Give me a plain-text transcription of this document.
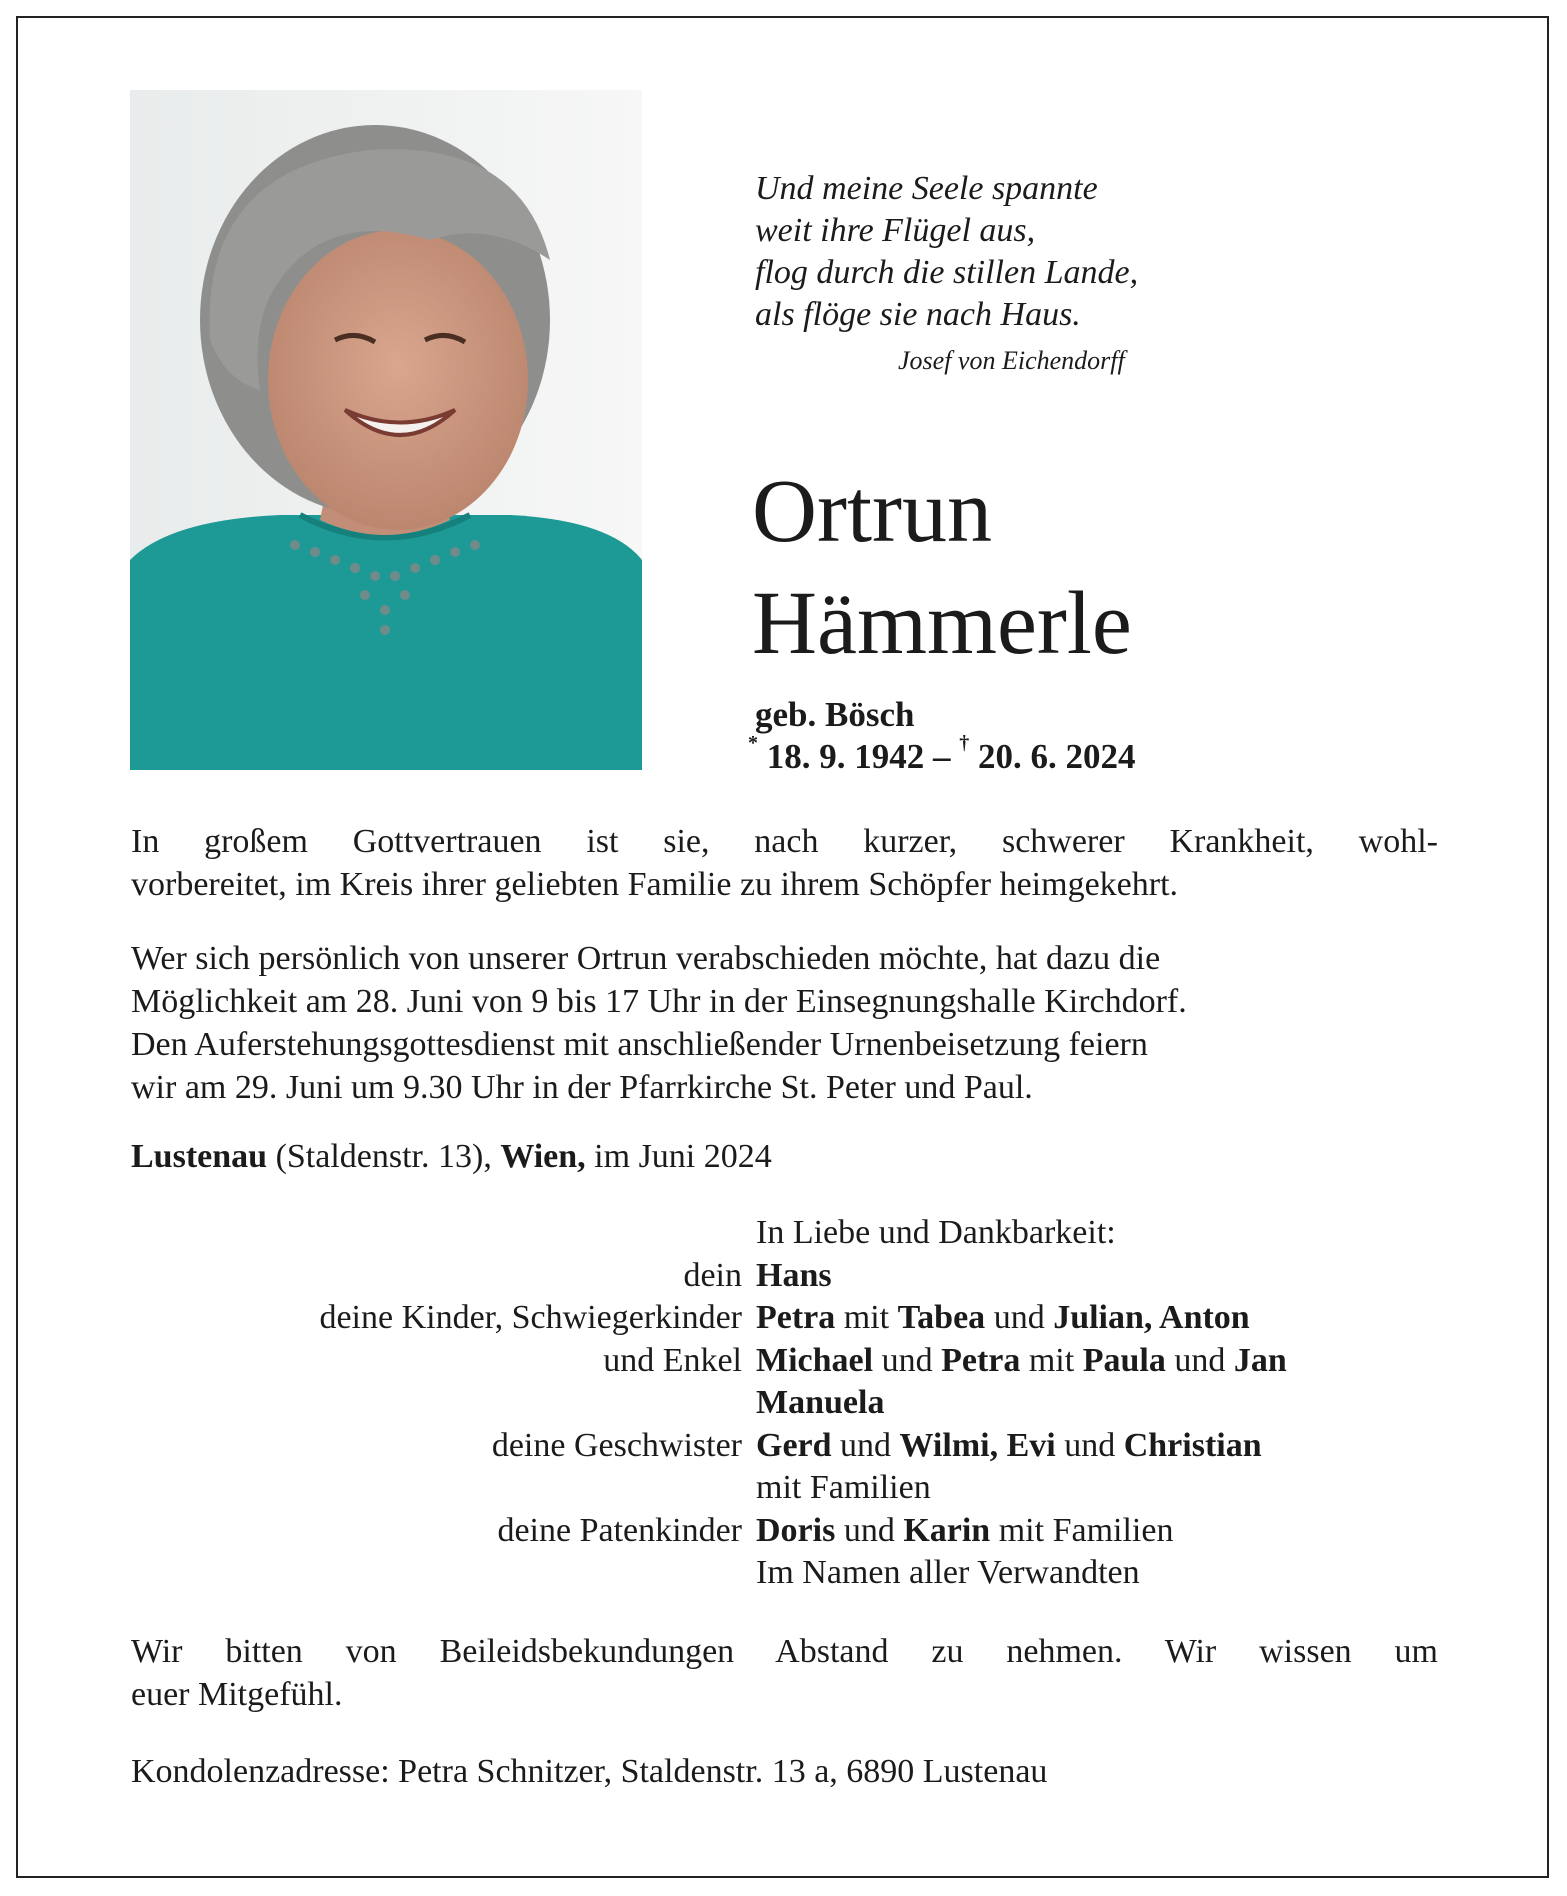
Und meine Seele spannte
weit ihre Flügel aus,
flog durch die stillen Lande,
als flöge sie nach Haus.
Josef von Eichendorff
Ortrun
Hämmerle
geb. Bösch
* 18. 9. 1942 – † 20. 6. 2024
In großem Gottvertrauen ist sie, nach kurzer, schwerer Krankheit, wohl-
vorbereitet, im Kreis ihrer geliebten Familie zu ihrem Schöpfer heimgekehrt.
Wer sich persönlich von unserer Ortrun verabschieden möchte, hat dazu die
Möglichkeit am 28. Juni von 9 bis 17 Uhr in der Einsegnungshalle Kirchdorf.
Den Auferstehungsgottesdienst mit anschließender Urnenbeisetzung feiern
wir am 29. Juni um 9.30 Uhr in der Pfarrkirche St. Peter und Paul.
Lustenau (Staldenstr. 13), Wien, im Juni 2024
In Liebe und Dankbarkeit:
dein Hans
deine Kinder, Schwiegerkinder Petra mit Tabea und Julian, Anton
und Enkel Michael und Petra mit Paula und Jan
Manuela
deine Geschwister Gerd und Wilmi, Evi und Christian
mit Familien
deine Patenkinder Doris und Karin mit Familien
Im Namen aller Verwandten
Wir bitten von Beileidsbekundungen Abstand zu nehmen. Wir wissen um
euer Mitgefühl.
Kondolenzadresse: Petra Schnitzer, Staldenstr. 13 a, 6890 Lustenau
